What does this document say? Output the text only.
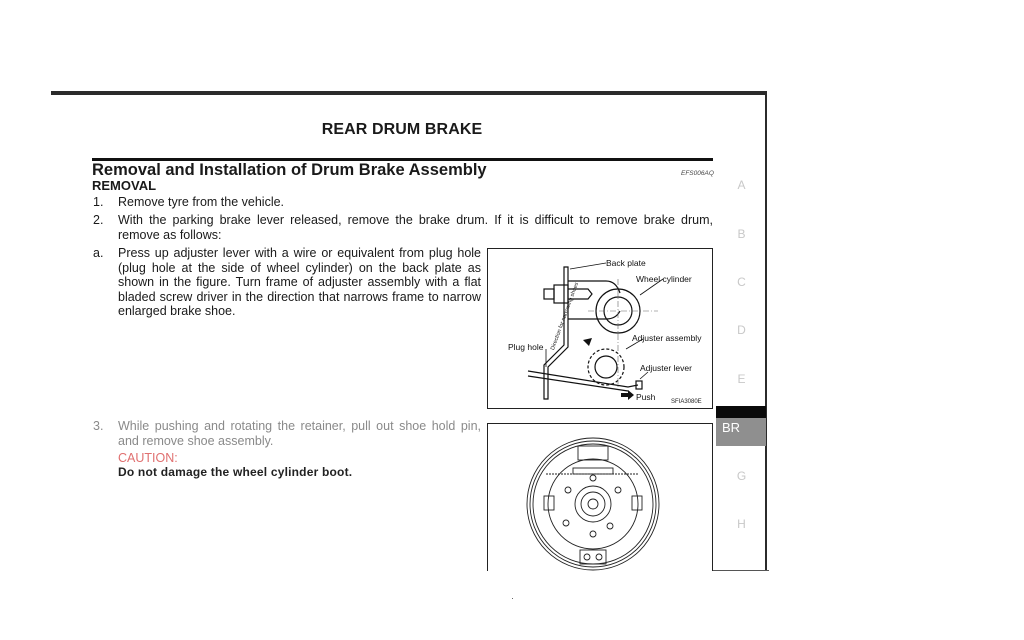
REAR DRUM BRAKE
Removal and Installation of Drum Brake Assembly	EFS006AQ
REMOVAL
1. Remove tyre from the vehicle.
2. With the parking brake lever released, remove the brake drum. If it is difficult to remove brake drum, remove as follows:
a. Press up adjuster lever with a wire or equivalent from plug hole (plug hole at the side of wheel cylinder) on the back plate as shown in the figure. Turn frame of adjuster assembly with a flat bladed screw driver in the direction that narrows frame to narrow enlarged brake shoe.
3. While pushing and rotating the retainer, pull out shoe hold pin, and remove shoe assembly.
CAUTION:
Do not damage the wheel cylinder boot.
Back plate
Wheel cylinder
Adjuster assembly
Plug hole
Adjuster lever
Push
Direction for narrowing shoes
SFIA3080E
A
B
C
D
E
BR
G
H
